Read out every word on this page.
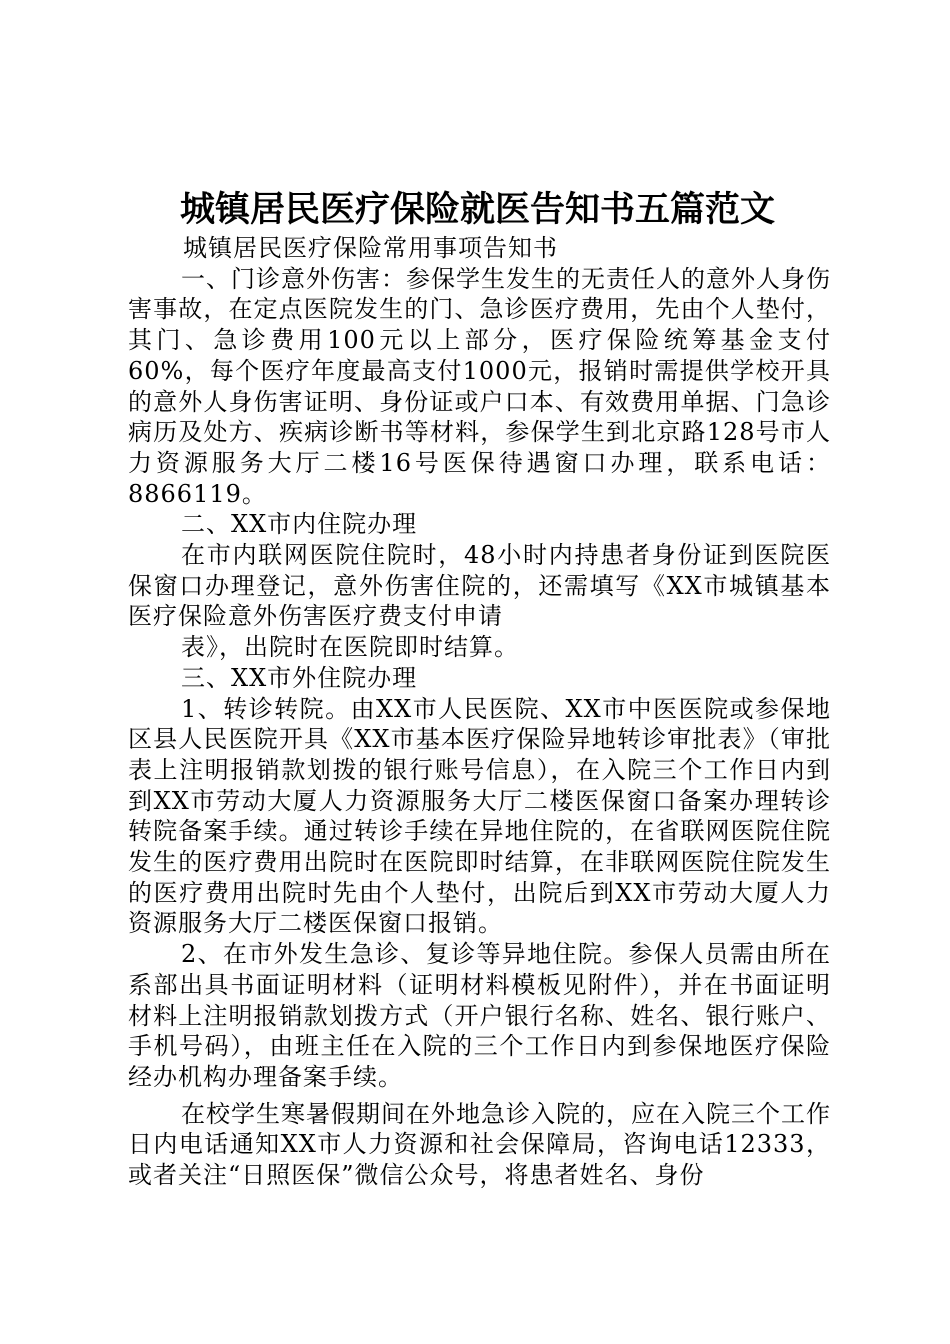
城镇居民医疗保险就医告知书五篇范文

城镇居民医疗保险常用事项告知书

一、门诊意外伤害：参保学生发生的无责任人的意外人身伤害事故，在定点医院发生的门、急诊医疗费用，先由个人垫付，其门、急诊费用100元以上部分，医疗保险统筹基金支付60%，每个医疗年度最高支付1000元，报销时需提供学校开具的意外人身伤害证明、身份证或户口本、有效费用单据、门急诊病历及处方、疾病诊断书等材料，参保学生到北京路128号市人力资源服务大厅二楼16号医保待遇窗口办理，联系电话：8866119。

二、XX市内住院办理

在市内联网医院住院时，48小时内持患者身份证到医院医保窗口办理登记，意外伤害住院的，还需填写《XX市城镇基本医疗保险意外伤害医疗费支付申请

表》，出院时在医院即时结算。

三、XX市外住院办理

1、转诊转院。由XX市人民医院、XX市中医医院或参保地区县人民医院开具《XX市基本医疗保险异地转诊审批表》（审批表上注明报销款划拨的银行账号信息），在入院三个工作日内到到XX市劳动大厦人力资源服务大厅二楼医保窗口备案办理转诊转院备案手续。通过转诊手续在异地住院的，在省联网医院住院发生的医疗费用出院时在医院即时结算，在非联网医院住院发生的医疗费用出院时先由个人垫付，出院后到XX市劳动大厦人力资源服务大厅二楼医保窗口报销。

2、在市外发生急诊、复诊等异地住院。参保人员需由所在系部出具书面证明材料（证明材料模板见附件），并在书面证明材料上注明报销款划拨方式（开户银行名称、姓名、银行账户、手机号码），由班主任在入院的三个工作日内到参保地医疗保险经办机构办理备案手续。

在校学生寒暑假期间在外地急诊入院的，应在入院三个工作日内电话通知XX市人力资源和社会保障局，咨询电话12333，或者关注“日照医保”微信公众号，将患者姓名、身份
